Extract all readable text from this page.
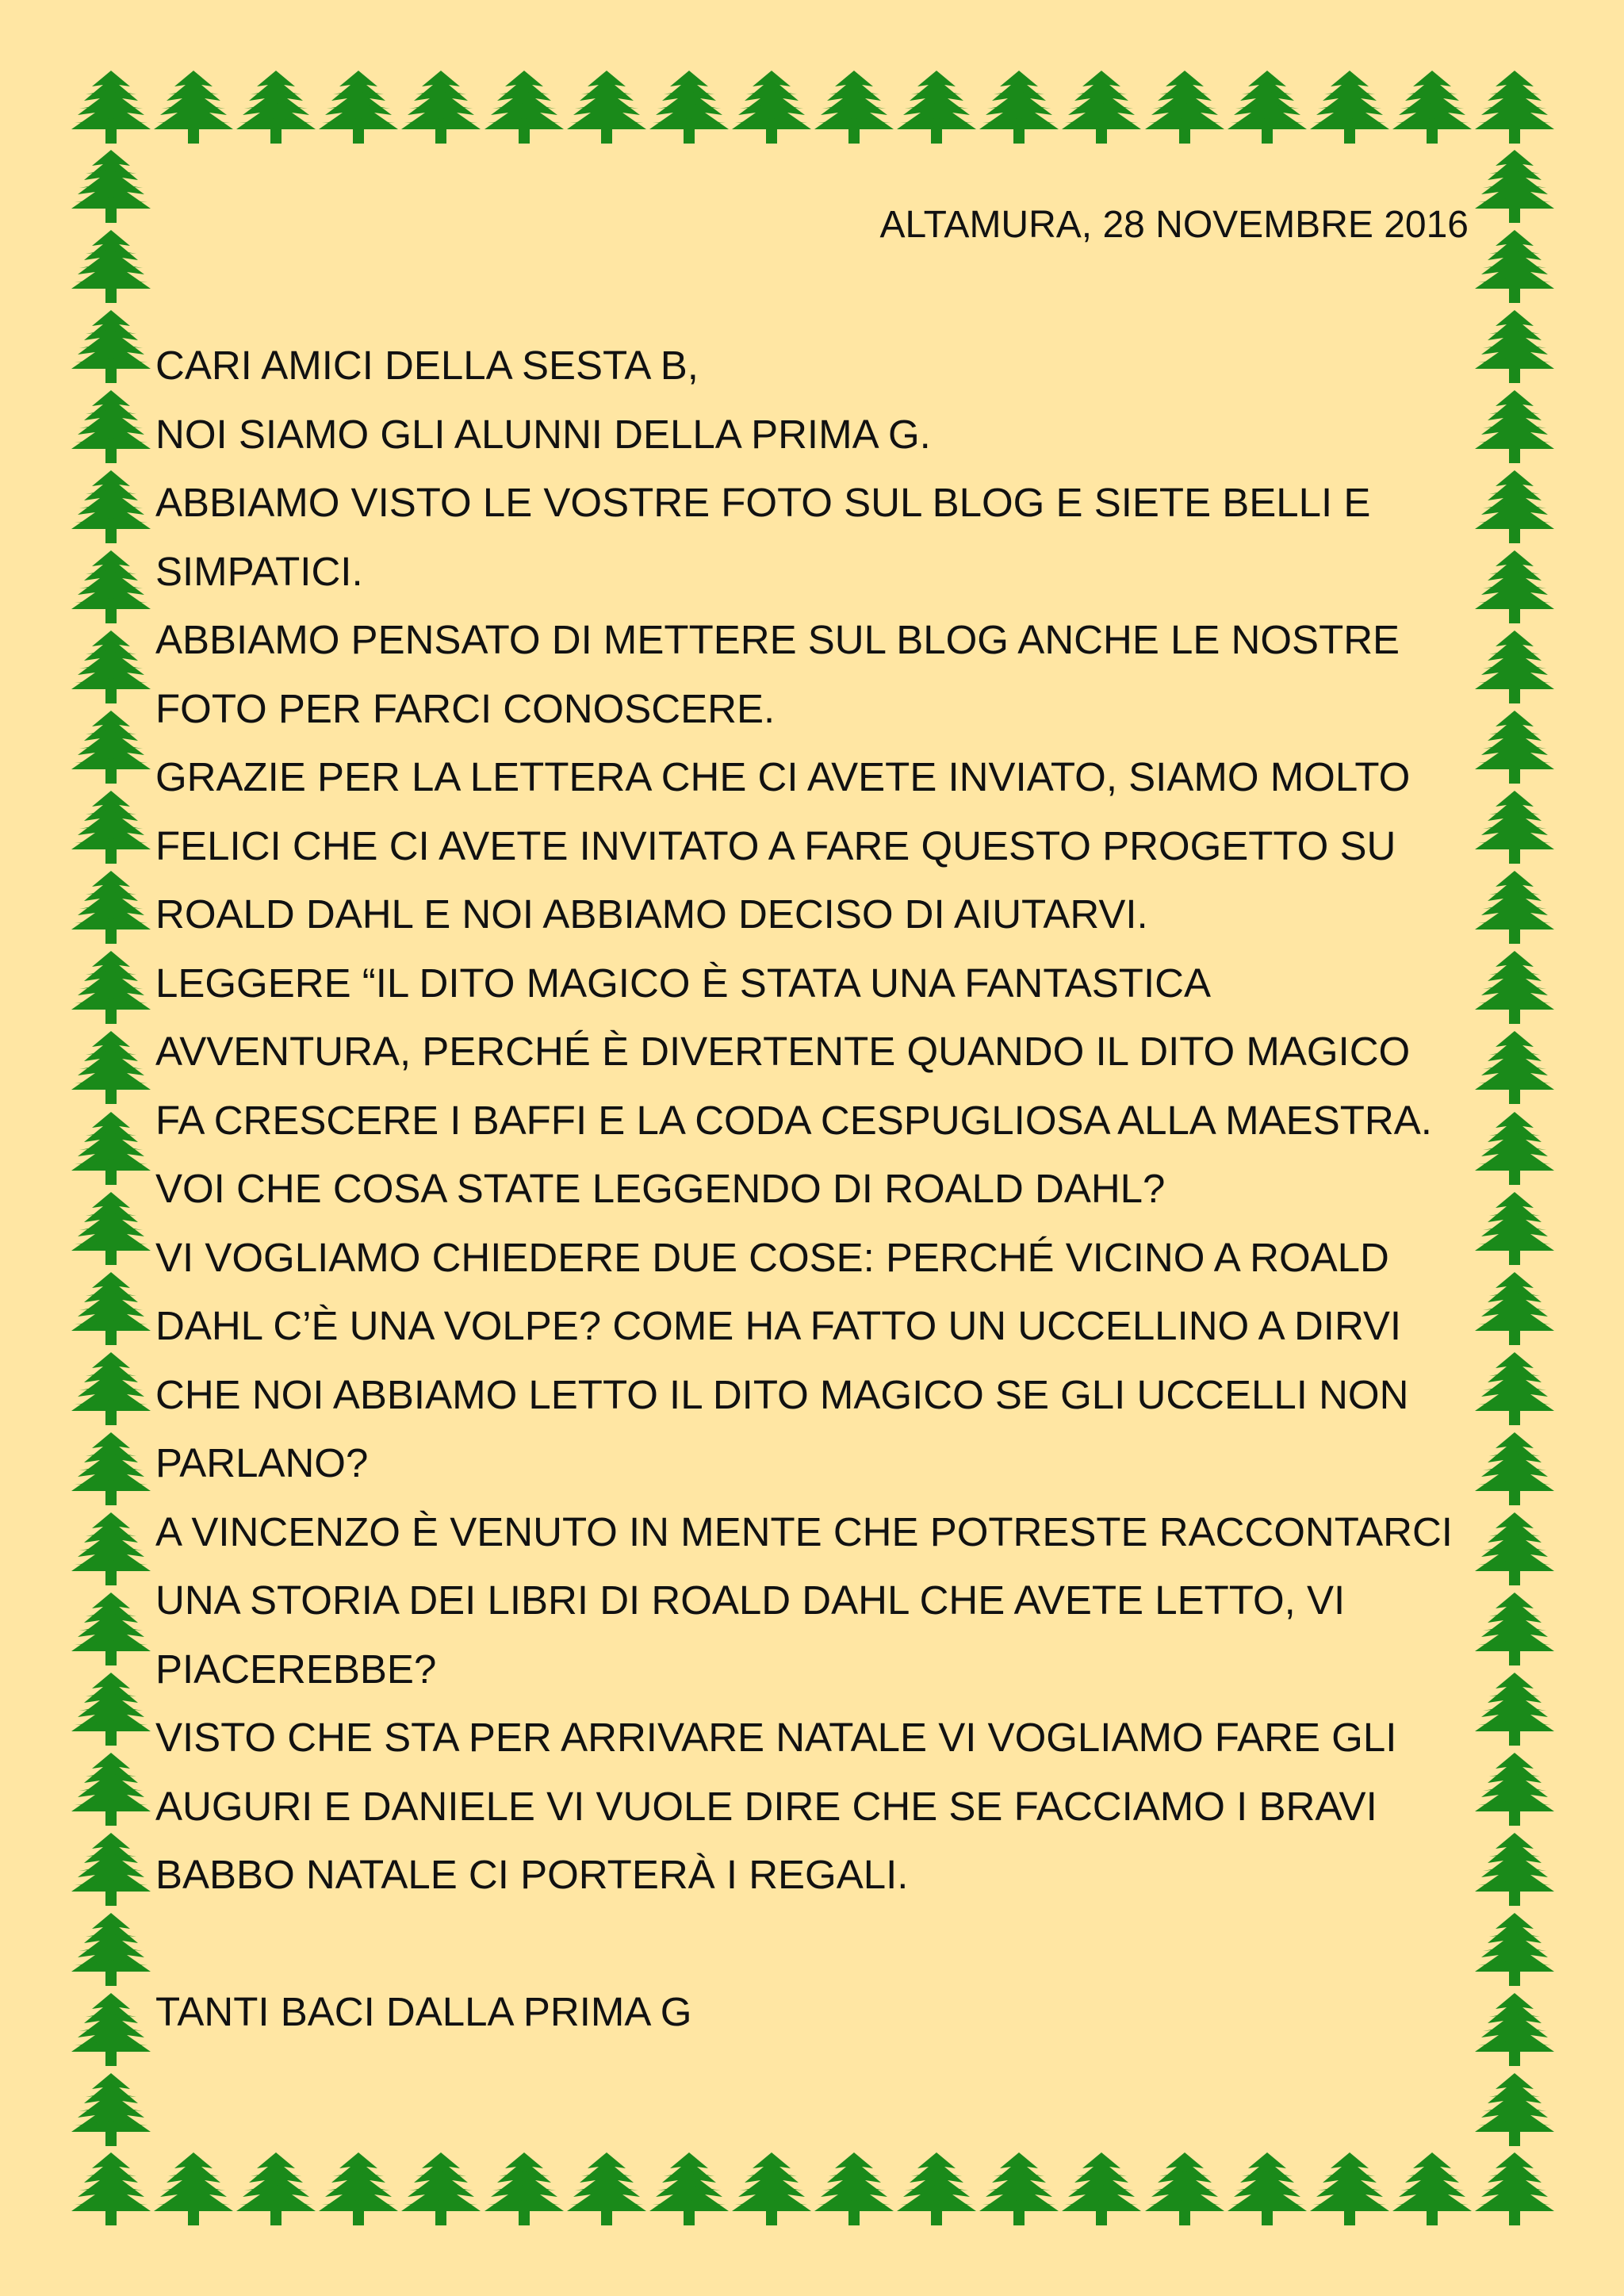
ALTAMURA, 28 NOVEMBRE 2016
CARI AMICI DELLA SESTA B,
NOI SIAMO GLI ALUNNI DELLA PRIMA G.
ABBIAMO VISTO LE VOSTRE FOTO SUL BLOG E SIETE BELLI E
SIMPATICI.
ABBIAMO PENSATO DI METTERE SUL BLOG ANCHE LE NOSTRE
FOTO PER FARCI CONOSCERE.
GRAZIE PER LA LETTERA CHE CI AVETE INVIATO, SIAMO MOLTO
FELICI CHE CI AVETE INVITATO A FARE QUESTO PROGETTO SU
ROALD DAHL E NOI ABBIAMO DECISO DI AIUTARVI.
LEGGERE “IL DITO MAGICO È STATA UNA FANTASTICA
AVVENTURA, PERCHÉ È DIVERTENTE QUANDO IL DITO MAGICO
FA CRESCERE I BAFFI E LA CODA CESPUGLIOSA ALLA MAESTRA.
VOI CHE COSA STATE LEGGENDO DI ROALD DAHL?
VI VOGLIAMO CHIEDERE DUE COSE: PERCHÉ VICINO A ROALD
DAHL C’È UNA VOLPE? COME HA FATTO UN UCCELLINO A DIRVI
CHE NOI ABBIAMO LETTO IL DITO MAGICO SE GLI UCCELLI NON
PARLANO?
A VINCENZO È VENUTO IN MENTE CHE POTRESTE RACCONTARCI
UNA STORIA DEI LIBRI DI ROALD DAHL CHE AVETE LETTO, VI
PIACEREBBE?
VISTO CHE STA PER ARRIVARE NATALE VI VOGLIAMO FARE GLI
AUGURI E DANIELE VI VUOLE DIRE CHE SE FACCIAMO I BRAVI
BABBO NATALE CI PORTERÀ I REGALI.
TANTI BACI DALLA PRIMA G
